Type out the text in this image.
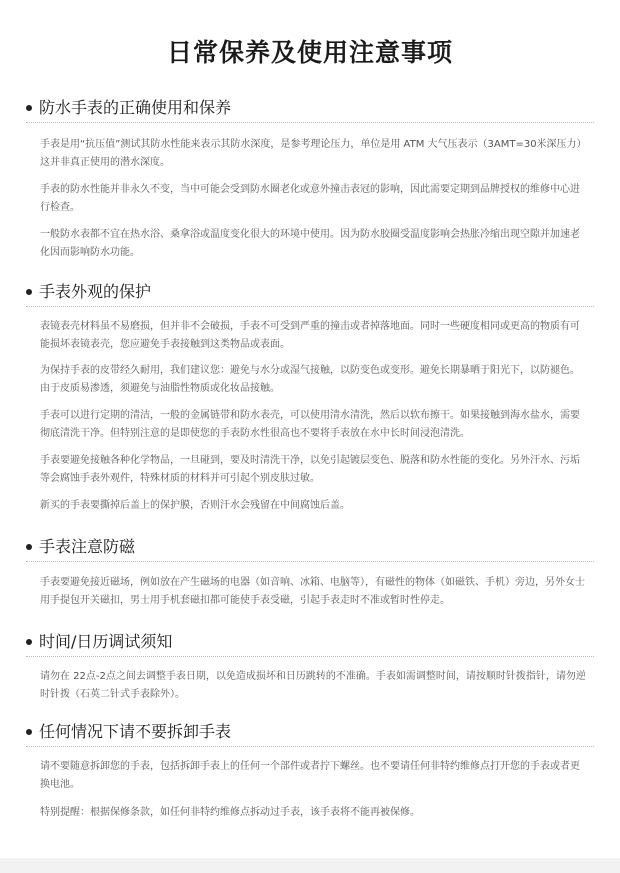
日常保养及使用注意事项
防水手表的正确使用和保养

手表是用“抗压值”测试其防水性能来表示其防水深度，是参考理论压力，单位是用 ATM 大气压表示（3AMT=30米深压力）这并非真正使用的潜水深度。

手表的防水性能并非永久不变，当中可能会受到防水圈老化或意外撞击表冠的影响，因此需要定期到品牌授权的维修中心进行检查。

一般防水表都不宜在热水浴、桑拿浴或温度变化很大的环境中使用。因为防水胶圈受温度影响会热胀冷缩出现空隙并加速老化因而影响防水功能。

手表外观的保护

表镜表壳材料虽不易磨损，但并非不会破损，手表不可受到严重的撞击或者掉落地面。同时一些硬度相同或更高的物质有可能损坏表镜表壳，您应避免手表接触到这类物品或表面。

为保持手表的皮带经久耐用，我们建议您：避免与水分或湿气接触，以防变色或变形。避免长期暴晒于阳光下，以防褪色。由于皮质易渗透，须避免与油脂性物质或化妆品接触。

手表可以进行定期的清洁，一般的金属链带和防水表壳，可以使用清水清洗，然后以软布擦干。如果接触到海水盐水，需要彻底清洗干净。但特别注意的是即使您的手表防水性很高也不要将手表放在水中长时间浸泡清洗。

手表要避免接触各种化学物品，一旦碰到，要及时清洗干净，以免引起镀层变色、脱落和防水性能的变化。另外汗水、污垢等会腐蚀手表外观件，特殊材质的材料并可引起个别皮肤过敏。

新买的手表要撕掉后盖上的保护膜，否则汗水会残留在中间腐蚀后盖。

手表注意防磁

手表要避免接近磁场，例如放在产生磁场的电器（如音响、冰箱、电脑等），有磁性的物体（如磁铁、手机）旁边，另外女士用手提包开关磁扣，男士用手机套磁扣都可能使手表受磁，引起手表走时不准或暂时性停走。

时间/日历调试须知

请勿在 22点-2点之间去调整手表日期，以免造成损坏和日历跳转的不准确。手表如需调整时间，请按顺时针拨指针，请勿逆时针拨（石英二针式手表除外）。

任何情况下请不要拆卸手表

请不要随意拆卸您的手表，包括拆卸手表上的任何一个部件或者拧下螺丝。也不要请任何非特约维修点打开您的手表或者更换电池。

特别提醒：根据保修条款，如任何非特约维修点拆动过手表，该手表将不能再被保修。
